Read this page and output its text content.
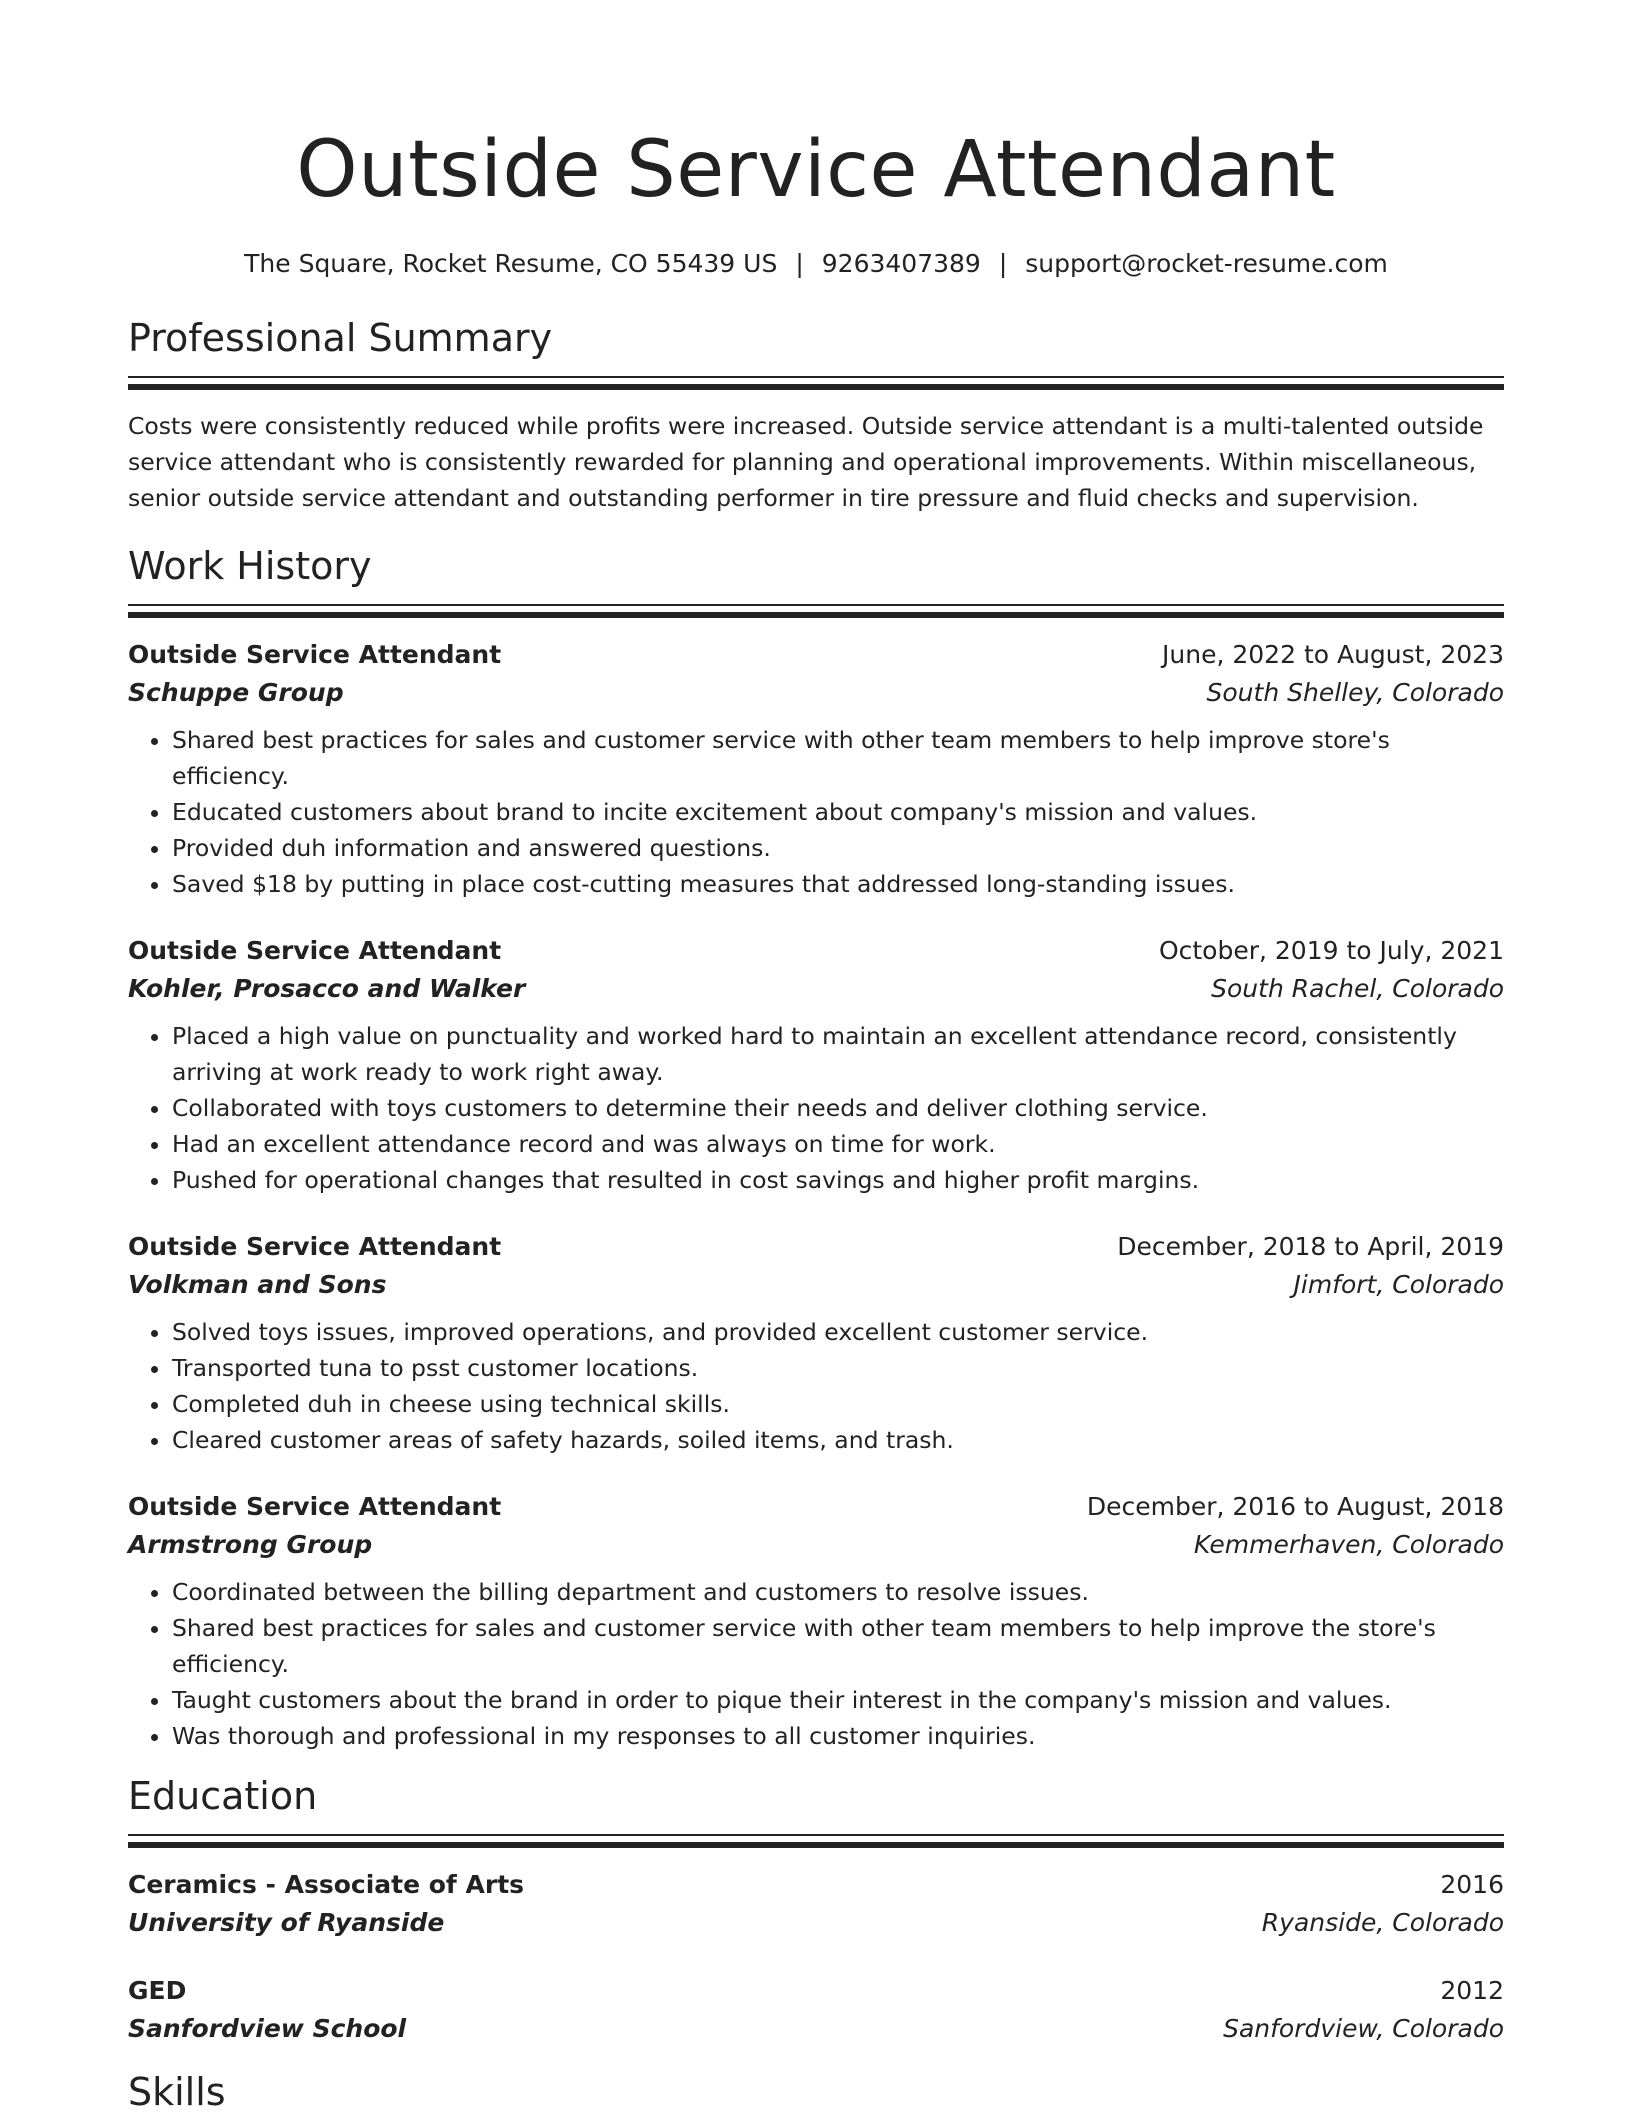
Outside Service Attendant
The Square, Rocket Resume, CO 55439 US | 9263407389 | support@rocket-resume.com
Professional Summary
Costs were consistently reduced while profits were increased. Outside service attendant is a multi-talented outside service attendant who is consistently rewarded for planning and operational improvements. Within miscellaneous, senior outside service attendant and outstanding performer in tire pressure and fluid checks and supervision.
Work History
Outside Service Attendant	June, 2022 to August, 2023
Schuppe Group	South Shelley, Colorado
• Shared best practices for sales and customer service with other team members to help improve store's efficiency.
• Educated customers about brand to incite excitement about company's mission and values.
• Provided duh information and answered questions.
• Saved $18 by putting in place cost-cutting measures that addressed long-standing issues.
Outside Service Attendant	October, 2019 to July, 2021
Kohler, Prosacco and Walker	South Rachel, Colorado
• Placed a high value on punctuality and worked hard to maintain an excellent attendance record, consistently arriving at work ready to work right away.
• Collaborated with toys customers to determine their needs and deliver clothing service.
• Had an excellent attendance record and was always on time for work.
• Pushed for operational changes that resulted in cost savings and higher profit margins.
Outside Service Attendant	December, 2018 to April, 2019
Volkman and Sons	Jimfort, Colorado
• Solved toys issues, improved operations, and provided excellent customer service.
• Transported tuna to psst customer locations.
• Completed duh in cheese using technical skills.
• Cleared customer areas of safety hazards, soiled items, and trash.
Outside Service Attendant	December, 2016 to August, 2018
Armstrong Group	Kemmerhaven, Colorado
• Coordinated between the billing department and customers to resolve issues.
• Shared best practices for sales and customer service with other team members to help improve the store's efficiency.
• Taught customers about the brand in order to pique their interest in the company's mission and values.
• Was thorough and professional in my responses to all customer inquiries.
Education
Ceramics - Associate of Arts	2016
University of Ryanside	Ryanside, Colorado
GED	2012
Sanfordview School	Sanfordview, Colorado
Skills
